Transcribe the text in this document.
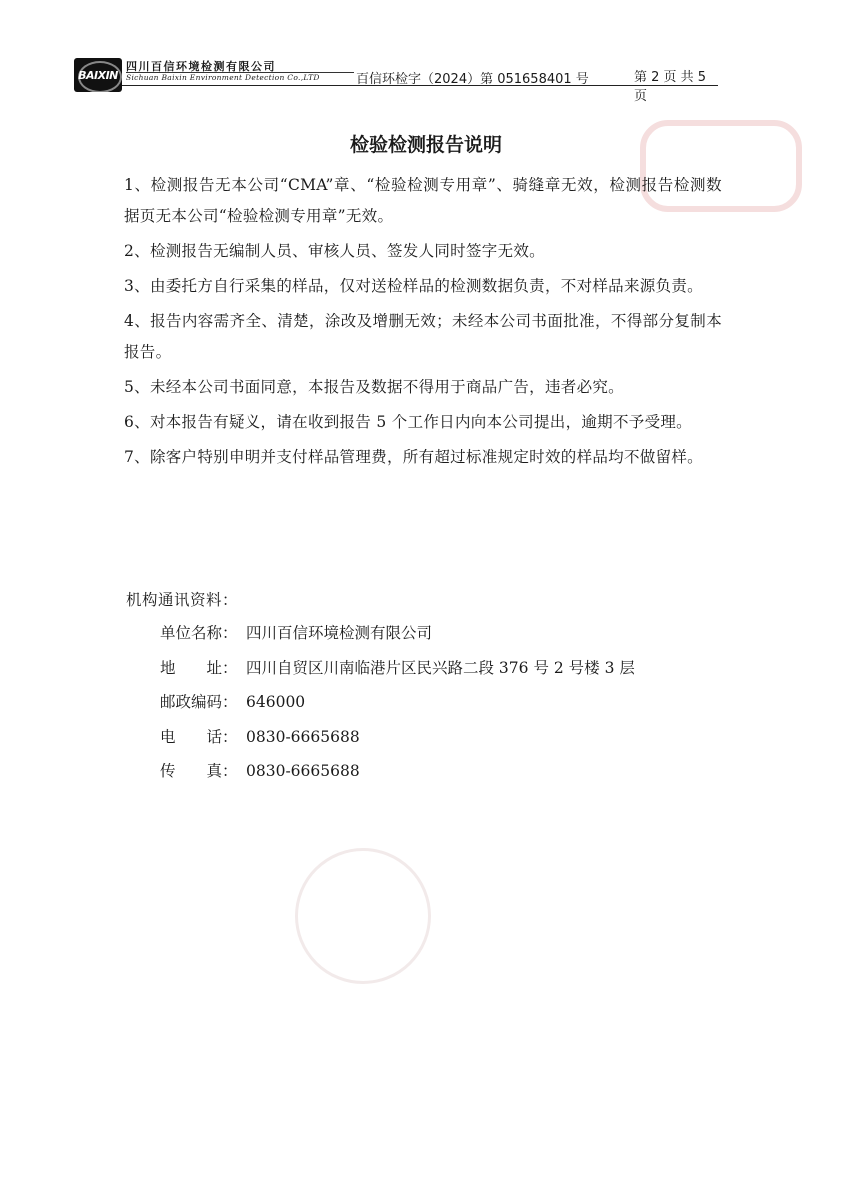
BAIXIN
四川百信环境检测有限公司
Sichuan Baixin Environment Detection Co.,LTD	百信环检字（2024）第 051658401 号	第 2 页 共 5 页
检验检测报告说明
1、检测报告无本公司“CMA”章、“检验检测专用章”、骑缝章无效，检测报告检测数据页无本公司“检验检测专用章”无效。
2、检测报告无编制人员、审核人员、签发人同时签字无效。
3、由委托方自行采集的样品，仅对送检样品的检测数据负责，不对样品来源负责。
4、报告内容需齐全、清楚，涂改及增删无效；未经本公司书面批准，不得部分复制本报告。
5、未经本公司书面同意，本报告及数据不得用于商品广告，违者必究。
6、对本报告有疑义，请在收到报告 5 个工作日内向本公司提出，逾期不予受理。
7、除客户特别申明并支付样品管理费，所有超过标准规定时效的样品均不做留样。
机构通讯资料：
单位名称： 四川百信环境检测有限公司
地　　址： 四川自贸区川南临港片区民兴路二段 376 号 2 号楼 3 层
邮政编码： 646000
电　　话： 0830-6665688
传　　真： 0830-6665688
